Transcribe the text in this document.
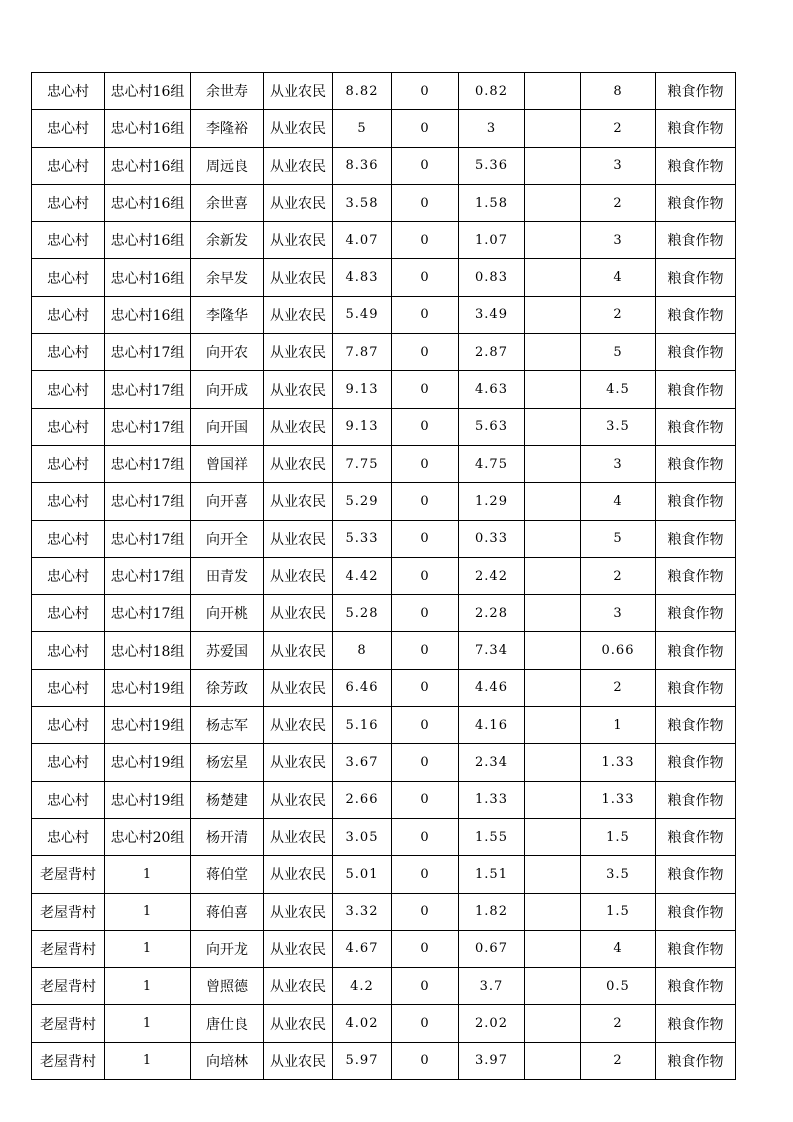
忠心村	忠心村16组	余世寿	从业农民	8.82	0	0.82		8	粮食作物
忠心村	忠心村16组	李隆裕	从业农民	5	0	3		2	粮食作物
忠心村	忠心村16组	周远良	从业农民	8.36	0	5.36		3	粮食作物
忠心村	忠心村16组	余世喜	从业农民	3.58	0	1.58		2	粮食作物
忠心村	忠心村16组	余新发	从业农民	4.07	0	1.07		3	粮食作物
忠心村	忠心村16组	余早发	从业农民	4.83	0	0.83		4	粮食作物
忠心村	忠心村16组	李隆华	从业农民	5.49	0	3.49		2	粮食作物
忠心村	忠心村17组	向开农	从业农民	7.87	0	2.87		5	粮食作物
忠心村	忠心村17组	向开成	从业农民	9.13	0	4.63		4.5	粮食作物
忠心村	忠心村17组	向开国	从业农民	9.13	0	5.63		3.5	粮食作物
忠心村	忠心村17组	曾国祥	从业农民	7.75	0	4.75		3	粮食作物
忠心村	忠心村17组	向开喜	从业农民	5.29	0	1.29		4	粮食作物
忠心村	忠心村17组	向开全	从业农民	5.33	0	0.33		5	粮食作物
忠心村	忠心村17组	田青发	从业农民	4.42	0	2.42		2	粮食作物
忠心村	忠心村17组	向开桃	从业农民	5.28	0	2.28		3	粮食作物
忠心村	忠心村18组	苏爱国	从业农民	8	0	7.34		0.66	粮食作物
忠心村	忠心村19组	徐芳政	从业农民	6.46	0	4.46		2	粮食作物
忠心村	忠心村19组	杨志军	从业农民	5.16	0	4.16		1	粮食作物
忠心村	忠心村19组	杨宏星	从业农民	3.67	0	2.34		1.33	粮食作物
忠心村	忠心村19组	杨楚建	从业农民	2.66	0	1.33		1.33	粮食作物
忠心村	忠心村20组	杨开清	从业农民	3.05	0	1.55		1.5	粮食作物
老屋背村	1	蒋伯堂	从业农民	5.01	0	1.51		3.5	粮食作物
老屋背村	1	蒋伯喜	从业农民	3.32	0	1.82		1.5	粮食作物
老屋背村	1	向开龙	从业农民	4.67	0	0.67		4	粮食作物
老屋背村	1	曾照德	从业农民	4.2	0	3.7		0.5	粮食作物
老屋背村	1	唐仕良	从业农民	4.02	0	2.02		2	粮食作物
老屋背村	1	向培林	从业农民	5.97	0	3.97		2	粮食作物
